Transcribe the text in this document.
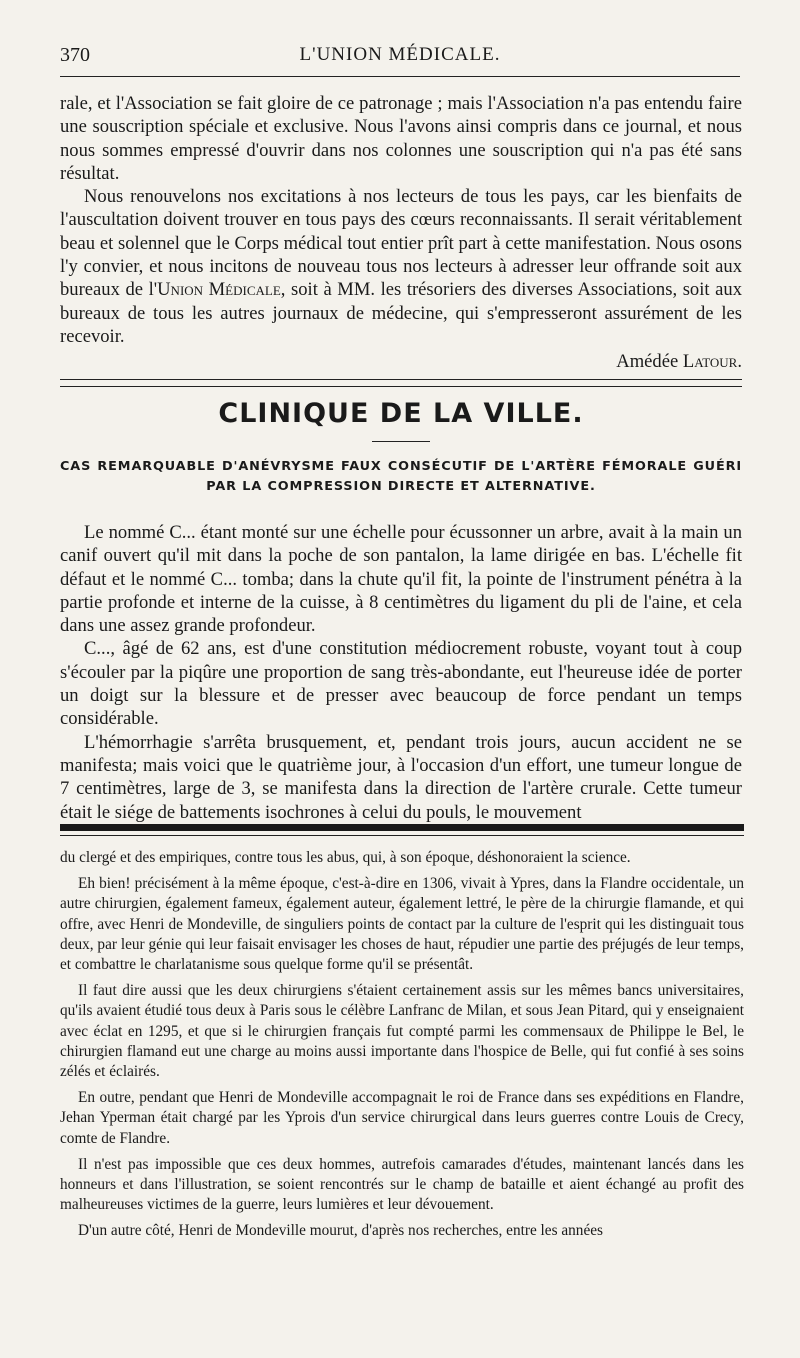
370	L'UNION MÉDICALE.

rale, et l'Association se fait gloire de ce patronage ; mais l'Association n'a pas entendu faire une souscription spéciale et exclusive. Nous l'avons ainsi compris dans ce journal, et nous nous sommes empressé d'ouvrir dans nos colonnes une souscription qui n'a pas été sans résultat.

Nous renouvelons nos excitations à nos lecteurs de tous les pays, car les bienfaits de l'auscultation doivent trouver en tous pays des cœurs reconnaissants. Il serait véritablement beau et solennel que le Corps médical tout entier prît part à cette manifestation. Nous osons l'y convier, et nous incitons de nouveau tous nos lecteurs à adresser leur offrande soit aux bureaux de l'Union Médicale, soit à MM. les trésoriers des diverses Associations, soit aux bureaux de tous les autres journaux de médecine, qui s'empresseront assurément de les recevoir.

Amédée Latour.
CLINIQUE DE LA VILLE.
CAS REMARQUABLE D'ANÉVRYSME FAUX CONSÉCUTIF DE L'ARTÈRE FÉMORALE GUÉRI
PAR LA COMPRESSION DIRECTE ET ALTERNATIVE.

Le nommé C... étant monté sur une échelle pour écussonner un arbre, avait à la main un canif ouvert qu'il mit dans la poche de son pantalon, la lame dirigée en bas. L'échelle fit défaut et le nommé C... tomba; dans la chute qu'il fit, la pointe de l'instrument pénétra à la partie profonde et interne de la cuisse, à 8 centimètres du ligament du pli de l'aine, et cela dans une assez grande profondeur.

C..., âgé de 62 ans, est d'une constitution médiocrement robuste, voyant tout à coup s'écouler par la piqûre une proportion de sang très-abondante, eut l'heureuse idée de porter un doigt sur la blessure et de presser avec beaucoup de force pendant un temps considérable.

L'hémorrhagie s'arrêta brusquement, et, pendant trois jours, aucun accident ne se manifesta; mais voici que le quatrième jour, à l'occasion d'un effort, une tumeur longue de 7 centimètres, large de 3, se manifesta dans la direction de l'artère crurale. Cette tumeur était le siége de battements isochrones à celui du pouls, le mouvement

du clergé et des empiriques, contre tous les abus, qui, à son époque, déshonoraient la science.

Eh bien! précisément à la même époque, c'est-à-dire en 1306, vivait à Ypres, dans la Flandre occidentale, un autre chirurgien, également fameux, également auteur, également lettré, le père de la chirurgie flamande, et qui offre, avec Henri de Mondeville, de singuliers points de contact par la culture de l'esprit qui les distinguait tous deux, par leur génie qui leur faisait envisager les choses de haut, répudier une partie des préjugés de leur temps, et combattre le charlatanisme sous quelque forme qu'il se présentât.

Il faut dire aussi que les deux chirurgiens s'étaient certainement assis sur les mêmes bancs universitaires, qu'ils avaient étudié tous deux à Paris sous le célèbre Lanfranc de Milan, et sous Jean Pitard, qui y enseignaient avec éclat en 1295, et que si le chirurgien français fut compté parmi les commensaux de Philippe le Bel, le chirurgien flamand eut une charge au moins aussi importante dans l'hospice de Belle, qui fut confié à ses soins zélés et éclairés.

En outre, pendant que Henri de Mondeville accompagnait le roi de France dans ses expéditions en Flandre, Jehan Yperman était chargé par les Yprois d'un service chirurgical dans leurs guerres contre Louis de Crecy, comte de Flandre.

Il n'est pas impossible que ces deux hommes, autrefois camarades d'études, maintenant lancés dans les honneurs et dans l'illustration, se soient rencontrés sur le champ de bataille et aient échangé au profit des malheureuses victimes de la guerre, leurs lumières et leur dévouement.

D'un autre côté, Henri de Mondeville mourut, d'après nos recherches, entre les années
